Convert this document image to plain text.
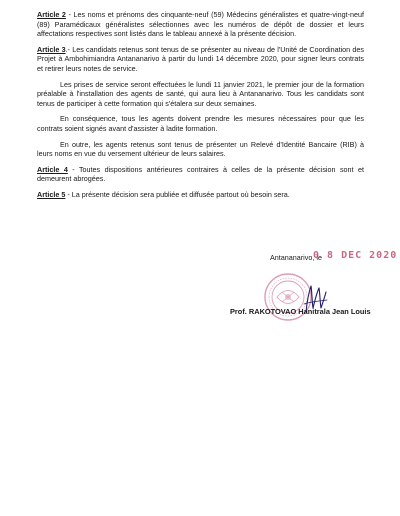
Article 2 - Les noms et prénoms des cinquante-neuf (59) Médecins généralistes et quatre-vingt-neuf (89) Paramédicaux généralistes sélectionnes avec les numéros de dépôt de dossier et leurs affectations respectives sont listés dans le tableau annexé à la présente décision.

Article 3.- Les candidats retenus sont tenus de se présenter au niveau de l'Unité de Coordination des Projet à Ambohimiandra Antananarivo à partir du lundi 14 décembre 2020, pour signer leurs contrats et retirer leurs notes de service.

Les prises de service seront effectuées le lundi 11 janvier 2021, le premier jour de la formation préalable à l'installation des agents de santé, qui aura lieu à Antananarivo. Tous les candidats sont tenus de participer à cette formation qui s'étalera sur deux semaines.

En conséquence, tous les agents doivent prendre les mesures nécessaires pour que les contrats soient signés avant d'assister à ladite formation.

En outre, les agents retenus sont tenus de présenter un Relevé d'Identité Bancaire (RIB) à leurs noms en vue du versement ultérieur de leurs salaires.

Article 4 - Toutes dispositions antérieures contraires à celles de la présente décision sont et demeurent abrogées.

Article 5 - La présente décision sera publiée et diffusée partout où besoin sera.

Antananarivo, le
0 8 DEC 2020
Prof. RAKOTOVAO Hanitrala Jean Louis
